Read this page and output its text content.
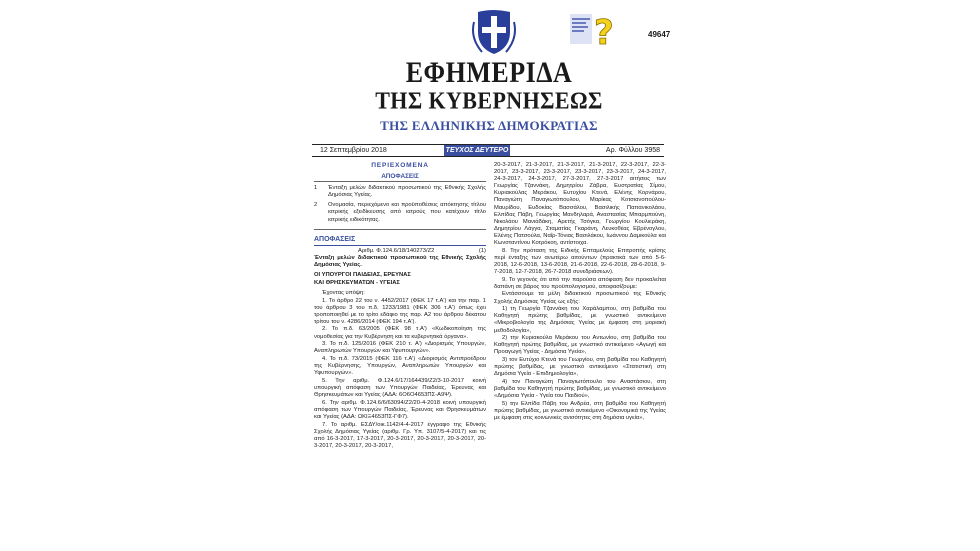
?	49647
ΕΦΗΜΕΡΙΔΑ
ΤΗΣ ΚΥΒΕΡΝΗΣΕΩΣ
ΤΗΣ ΕΛΛΗΝΙΚΗΣ ΔΗΜΟΚΡΑΤΙΑΣ
12 Σεπτεμβρίου 2018	ΤΕΥΧΟΣ ΔΕΥΤΕΡΟ	Αρ. Φύλλου 3958
ΠΕΡΙΕΧΟΜΕΝΑ
ΑΠΟΦΑΣΕΙΣ
1	Ένταξη μελών διδακτικού προσωπικού της Εθνικής Σχολής Δημόσιας Υγείας.
2	Ονομασία, περιεχόμενο και προϋποθέσεις απόκτησης τίτλου ιατρικής εξειδίκευσης από ιατρούς που κατέχουν τίτλο ιατρικής ειδικότητας.
ΑΠΟΦΑΣΕΙΣ
Αριθμ. Φ.124.6/18/140273/Ζ2	(1)

Ένταξη μελών διδακτικού προσωπικού της Εθνικής Σχολής Δημόσιας Υγείας.

ΟΙ ΥΠΟΥΡΓΟΙ ΠΑΙΔΕΙΑΣ, ΕΡΕΥΝΑΣ

ΚΑΙ ΘΡΗΣΚΕΥΜΑΤΩΝ - ΥΓΕΙΑΣ

Έχοντας υπόψη:

1. Το άρθρο 22 του ν. 4452/2017 (ΦΕΚ 17 τ.Α') και την παρ. 1 του άρθρου 3 του π.δ. 1233/1981 (ΦΕΚ 306 τ.Α') όπως έχει τροποποιηθεί με το τρίτο εδάφιο της παρ. Α2 του άρθρου δέκατου τρίτου του ν. 4286/2014 (ΦΕΚ 194 τ.Α').

2. Το π.δ. 63/2005 (ΦΕΚ 98 τ.Α') «Κωδικοποίηση της νομοθεσίας για την Κυβέρνηση και τα κυβερνητικά όργανα».

3. Το π.δ. 125/2016 (ΦΕΚ 210 τ. Α') «Διορισμός Υπουργών, Αναπληρωτών Υπουργών και Υφυπουργών».

4. Το π.δ. 73/2015 (ΦΕΚ 116 τ.Α') «Διορισμός Αντιπροέδρου της Κυβέρνησης, Υπουργών, Αναπληρωτών Υπουργών και Υφυπουργών».

5. Την αριθμ. Φ.124.6/17/164439/Ζ2/3-10-2017 κοινή υπουργική απόφαση των Υπουργών Παιδείας, Έρευνας και Θρησκευμάτων και Υγείας (ΑΔΑ: 6Ο6Ο4653ΠΣ-Α9Ψ).

6. Την αριθμ. Φ.124.6/6/63094/Ζ2/20-4-2018 κοινή υπουργική απόφαση των Υπουργών Παιδείας, Έρευνας και Θρησκευμάτων και Υγείας (ΑΔΑ: ΩΚΙΞ4653ΠΣ-ΓΦ7).

7. Το αριθμ. ΕΣΔΥ/οικ.1142/4-4-2017 έγγραφο της Εθνικής Σχολής Δημόσιας Υγείας (αριθμ. Γρ. Υπ. 3107/5-4-2017) και τις από 16-3-2017, 17-3-2017, 20-3-2017, 20-3-2017, 20-3-2017, 20-3-2017, 20-3-2017, 20-3-2017,

20-3-2017, 21-3-2017, 21-3-2017, 21-3-2017, 22-3-2017, 22-3-2017, 23-3-2017, 23-3-2017, 23-3-2017, 23-3-2017, 24-3-2017, 24-3-2017, 24-3-2017, 27-3-2017, 27-3-2017 αιτήσεις των Γεωργίας Τζαννάκη, Δημητρίου Ζάβρα, Ευστρατίας Σίμου, Κυριακούλας Μεράκου, Ευτυχίου Κτενά, Ελένης Κορνάρου, Παναγιώτη Παναγιωτόπουλου, Μαρίκας Κοτσιανοπούλου-Μαυρίδου, Ευδοκίας Βασσάλου, Βασιλικής Παπανικολάου, Ελπίδας Πάβη, Γεωργίας Μανδηλαρά, Αναστασίας Μπαρμπούνη, Νικολάου Μανιάδάκη, Αρετής Τσόγκα, Γεωργίου Κουλιεράκη, Δημητρίου Λάγγα, Σταματίας Γκαράνη, Λευκοθέας Εβρένογλου, Ελένης Πατσούλα, Ναΐρ-Τόνιας Βασιλάκου, Ιωάννου Δαμικούλα και Κωνσταντίνου Κοτρόκοη, αντίστοιχα.

8. Την πρόταση της Ειδικής Επταμελούς Επιτροπής κρίσης περί ένταξης των ανωτέρω αιτούντων (πρακτικά των από 5-6-2018, 12-6-2018, 13-6-2018, 21-6-2018, 22-6-2018, 28-6-2018, 9-7-2018, 12-7-2018, 26-7-2018 συνεδριάσεων).

9. Το γεγονός ότι από την παρούσα απόφαση δεν προκαλείται δαπάνη σε βάρος του προϋπολογισμού, αποφασίζουμε:

Εντάσσουμε τα μέλη διδακτικού προσωπικού της Εθνικής Σχολής Δημόσιας Υγείας ως εξής:

1) τη Γεωργία Τζαννάκη του Χαράλαμπου, στη βαθμίδα του Καθηγητή πρώτης βαθμίδας, με γνωστικό αντικείμενο «Μικροβιολογία της Δημόσιας Υγείας με έμφαση στη μοριακή μεθοδολογία»,

2) την Κυριακούλα Μεράκου του Αντωνίου, στη βαθμίδα του Καθηγητή πρώτης βαθμίδας, με γνωστικό αντικείμενο «Αγωγή και Προαγωγή Υγείας - Δημόσια Υγεία»,

3) τον Ευτύχιο Κτενά του Γεωργίου, στη βαθμίδα του Καθηγητή πρώτης βαθμίδας, με γνωστικό αντικείμενο «Στατιστική στη Δημόσια Υγεία - Επιδημιολογία»,

4) τον Παναγιώτη Παναγιωτόπουλο του Αναστάσιου, στη βαθμίδα του Καθηγητή πρώτης βαθμίδας, με γνωστικό αντικείμενο «Δημόσια Υγεία - Υγεία του Παιδιού»,

5) την Ελπίδα Πάβη του Ανδρέα, στη βαθμίδα του Καθηγητή πρώτης βαθμίδας, με γνωστικό αντικείμενο «Οικονομικά της Υγείας με έμφαση στις κοινωνικές ανισότητες στη δημόσια υγεία»,
